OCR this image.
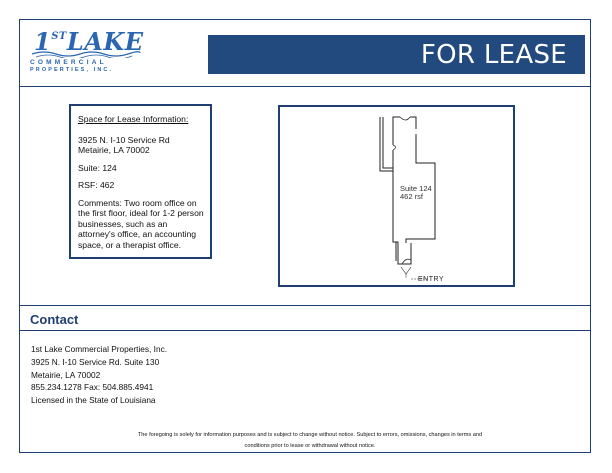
1STLAKE
COMMERCIAL
PROPERTIES, INC.	FOR LEASE
Space for Lease Information:

3925 N. I-10 Service Rd
Metairie, LA 70002

Suite: 124

RSF: 462

Comments: Two room office on the first floor, ideal for 1-2 person businesses, such as an attorney's office, an accounting space, or a therapist office.

Suite 124
462 rsf
ENTRY
Contact
1st Lake Commercial Properties, Inc.
3925 N. I-10 Service Rd. Suite 130
Metairie, LA 70002
855.234.1278 Fax: 504.885.4941
Licensed in the State of Louisiana
The foregoing is solely for information purposes and is subject to change without notice. Subject to errors, omissions, changes in terms and
conditions prior to lease or withdrawal without notice.
